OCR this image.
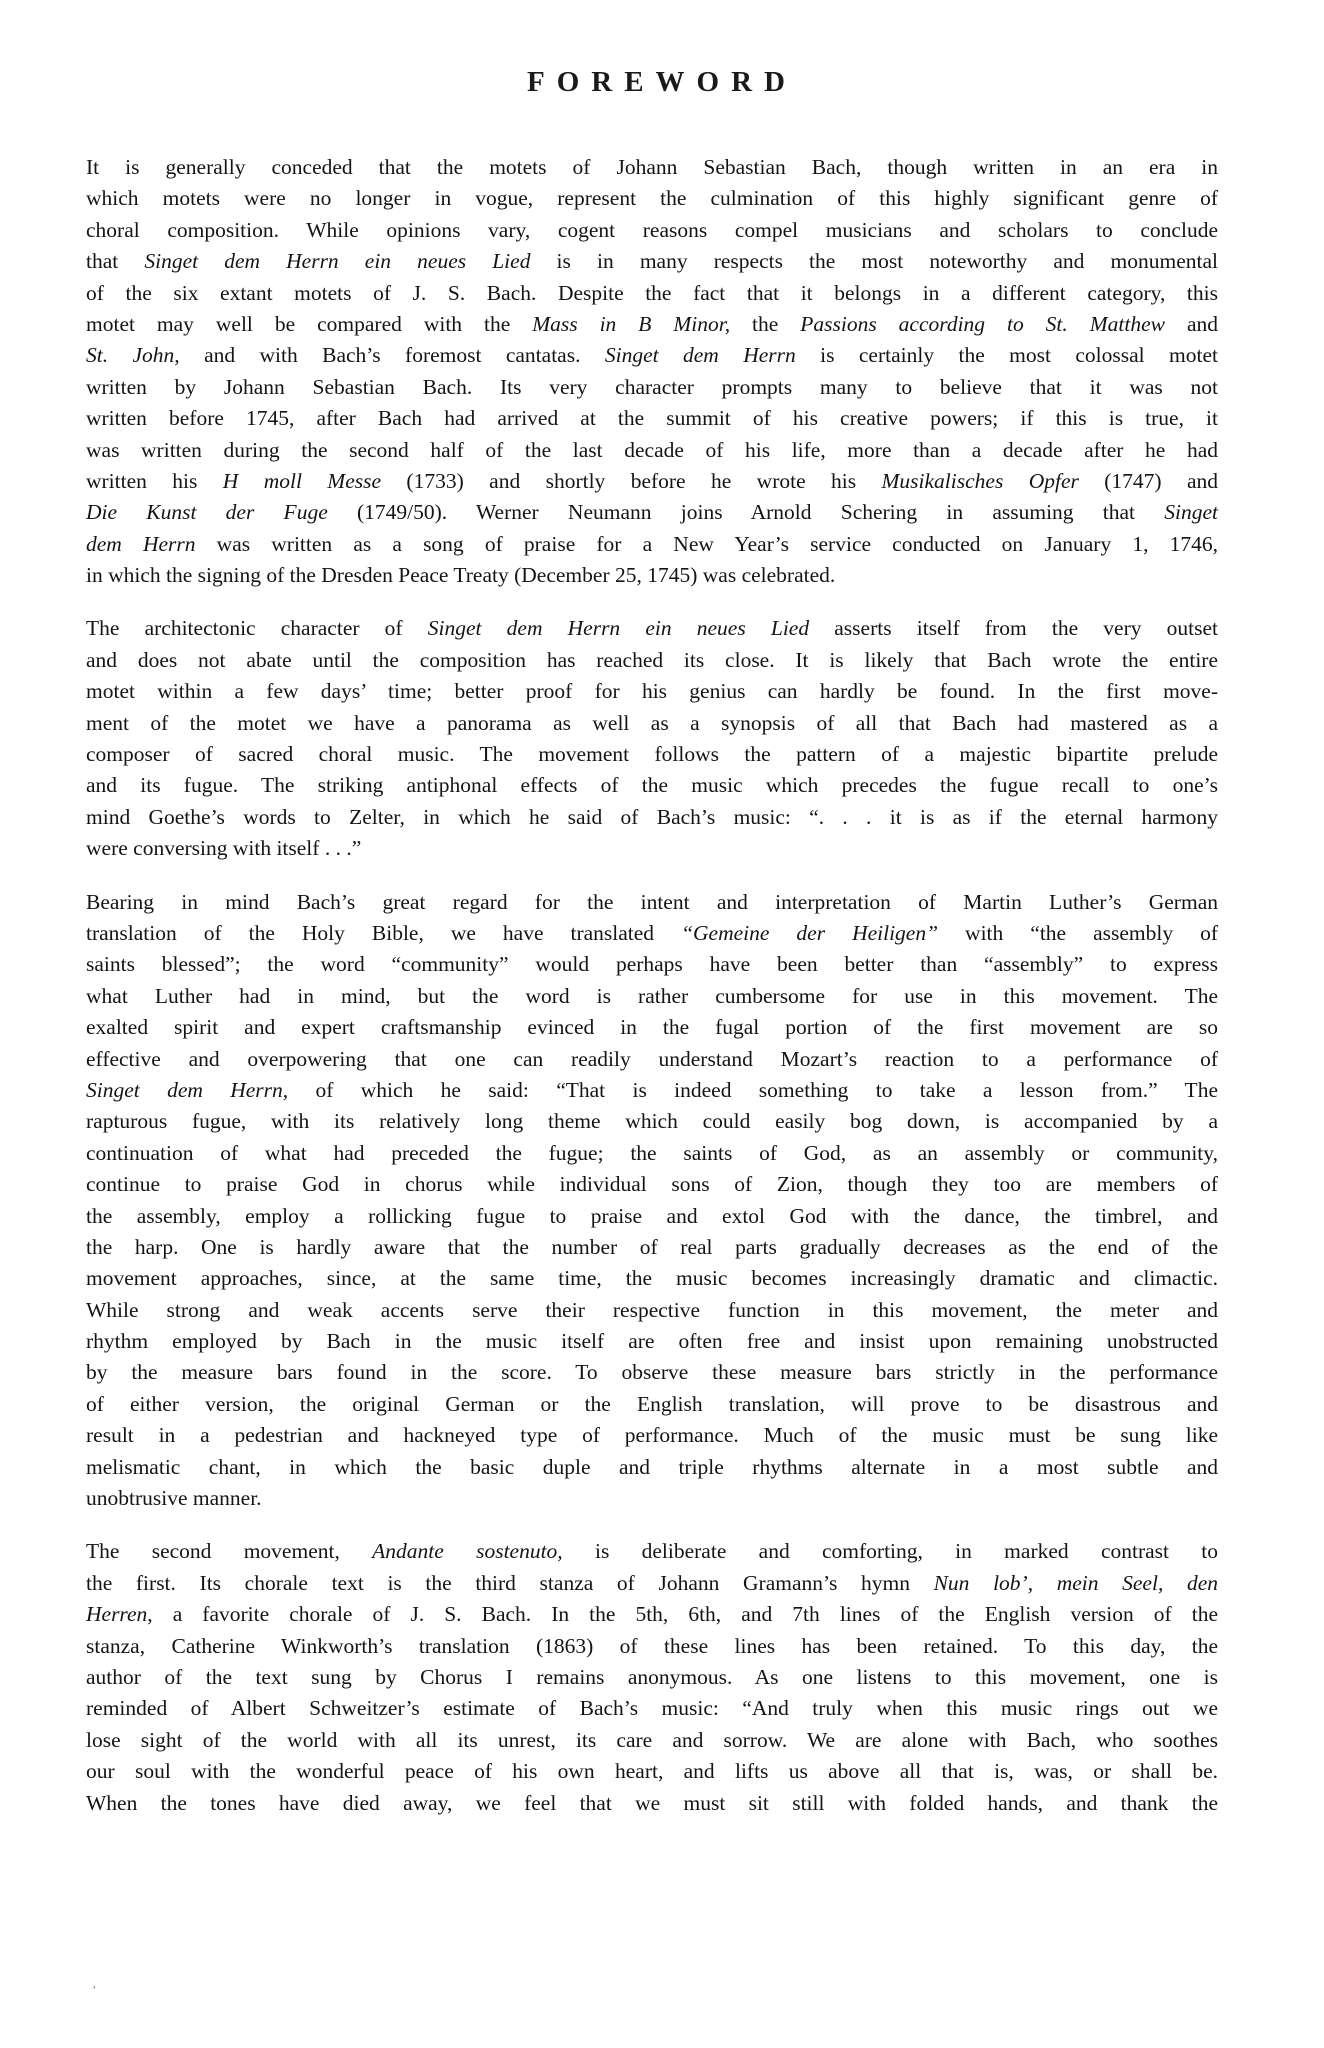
FOREWORD
It is generally conceded that the motets of Johann Sebastian Bach, though written in an era in
which motets were no longer in vogue, represent the culmination of this highly significant genre of
choral composition. While opinions vary, cogent reasons compel musicians and scholars to conclude
that Singet dem Herrn ein neues Lied is in many respects the most noteworthy and monumental
of the six extant motets of J. S. Bach. Despite the fact that it belongs in a different category, this
motet may well be compared with the Mass in B Minor, the Passions according to St. Matthew and
St. John, and with Bach’s foremost cantatas. Singet dem Herrn is certainly the most colossal motet
written by Johann Sebastian Bach. Its very character prompts many to believe that it was not
written before 1745, after Bach had arrived at the summit of his creative powers; if this is true, it
was written during the second half of the last decade of his life, more than a decade after he had
written his H moll Messe (1733) and shortly before he wrote his Musikalisches Opfer (1747) and
Die Kunst der Fuge (1749/50). Werner Neumann joins Arnold Schering in assuming that Singet
dem Herrn was written as a song of praise for a New Year’s service conducted on January 1, 1746,
in which the signing of the Dresden Peace Treaty (December 25, 1745) was celebrated.
The architectonic character of Singet dem Herrn ein neues Lied asserts itself from the very outset
and does not abate until the composition has reached its close. It is likely that Bach wrote the entire
motet within a few days’ time; better proof for his genius can hardly be found. In the first move-
ment of the motet we have a panorama as well as a synopsis of all that Bach had mastered as a
composer of sacred choral music. The movement follows the pattern of a majestic bipartite prelude
and its fugue. The striking antiphonal effects of the music which precedes the fugue recall to one’s
mind Goethe’s words to Zelter, in which he said of Bach’s music: “. . . it is as if the eternal harmony
were conversing with itself . . .”
Bearing in mind Bach’s great regard for the intent and interpretation of Martin Luther’s German
translation of the Holy Bible, we have translated “Gemeine der Heiligen” with “the assembly of
saints blessed”; the word “community” would perhaps have been better than “assembly” to express
what Luther had in mind, but the word is rather cumbersome for use in this movement. The
exalted spirit and expert craftsmanship evinced in the fugal portion of the first movement are so
effective and overpowering that one can readily understand Mozart’s reaction to a performance of
Singet dem Herrn, of which he said: “That is indeed something to take a lesson from.” The
rapturous fugue, with its relatively long theme which could easily bog down, is accompanied by a
continuation of what had preceded the fugue; the saints of God, as an assembly or community,
continue to praise God in chorus while individual sons of Zion, though they too are members of
the assembly, employ a rollicking fugue to praise and extol God with the dance, the timbrel, and
the harp. One is hardly aware that the number of real parts gradually decreases as the end of the
movement approaches, since, at the same time, the music becomes increasingly dramatic and climactic.
While strong and weak accents serve their respective function in this movement, the meter and
rhythm employed by Bach in the music itself are often free and insist upon remaining unobstructed
by the measure bars found in the score. To observe these measure bars strictly in the performance
of either version, the original German or the English translation, will prove to be disastrous and
result in a pedestrian and hackneyed type of performance. Much of the music must be sung like
melismatic chant, in which the basic duple and triple rhythms alternate in a most subtle and
unobtrusive manner.
The second movement, Andante sostenuto, is deliberate and comforting, in marked contrast to
the first. Its chorale text is the third stanza of Johann Gramann’s hymn Nun lob’, mein Seel, den
Herren, a favorite chorale of J. S. Bach. In the 5th, 6th, and 7th lines of the English version of the
stanza, Catherine Winkworth’s translation (1863) of these lines has been retained. To this day, the
author of the text sung by Chorus I remains anonymous. As one listens to this movement, one is
reminded of Albert Schweitzer’s estimate of Bach’s music: “And truly when this music rings out we
lose sight of the world with all its unrest, its care and sorrow. We are alone with Bach, who soothes
our soul with the wonderful peace of his own heart, and lifts us above all that is, was, or shall be.
When the tones have died away, we feel that we must sit still with folded hands, and thank the
ʾ
